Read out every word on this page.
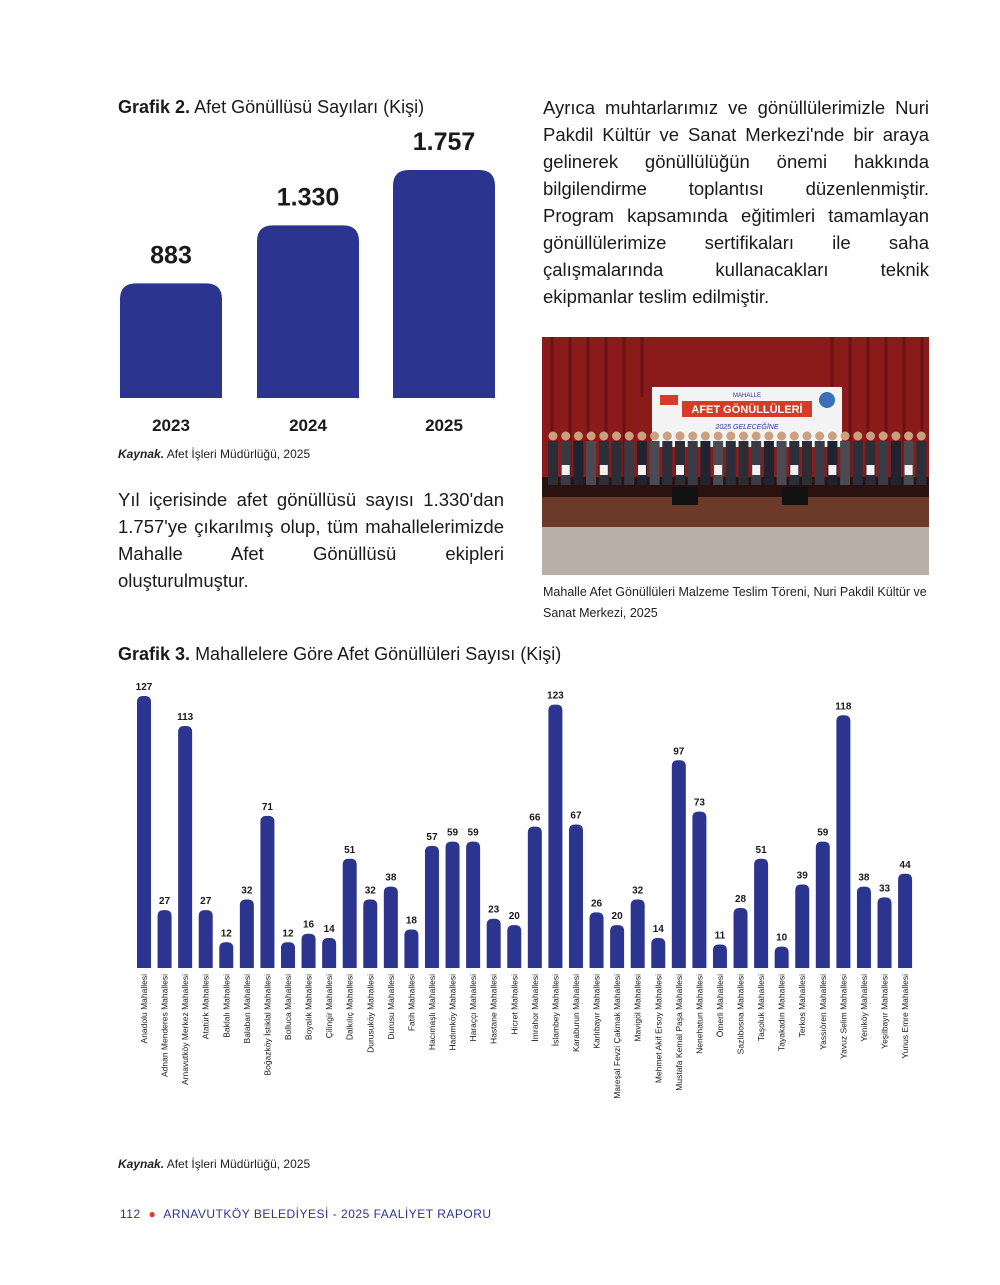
Grafik 2. Afet Gönüllüsü Sayıları (Kişi)
883
2023
1.330
2024
1.757
2025
Kaynak. Afet İşleri Müdürlüğü, 2025
Ayrıca muhtarlarımız ve gönüllülerimizle Nuri Pakdil Kültür ve Sanat Merkezi'nde bir araya gelinerek gönüllülüğün önemi hakkında bilgilendirme toplantısı düzenlenmiştir. Program kapsamında eğitimleri tamamlayan gönüllülerimize sertifikaları ile saha çalışmalarında kullanacakları teknik ekipmanlar teslim edilmiştir.
Yıl içerisinde afet gönüllüsü sayısı 1.330'dan 1.757'ye çıkarılmış olup, tüm mahallelerimizde Mahalle Afet Gönüllüsü ekipleri oluşturulmuştur.
MAHALLE
AFET GÖNÜLLÜLERİ
2025 GELECEĞİNE
Mahalle Afet Gönüllüleri Malzeme Teslim Töreni, Nuri Pakdil Kültür ve Sanat Merkezi, 2025
Grafik 3. Mahallelere Göre Afet Gönüllüleri Sayısı (Kişi)
127
Anadolu Mahallesi
27
Adnan Menderes Mahallesi
113
Arnavutköy Merkez Mahallesi
27
Atatürk Mahallesi
12
Baklalı Mahallesi
32
Balaban Mahallesi
71
Boğazköy İstiklal Mahallesi
12
Bolluca Mahallesi
16
Boyalık Mahallesi
14
Çilingir Mahallesi
51
Dalkılıç Mahallesi
32
Durusuköy Mahallesi
38
Durusu Mahallesi
18
Fatih Mahallesi
57
Hacımaşlı Mahallesi
59
Hadımköy Mahallesi
59
Haraççı Mahallesi
23
Hastane Mahallesi
20
Hicret Mahallesi
66
İmrahor Mahallesi
123
İslambey Mahallesi
67
Karaburun Mahallesi
26
Karlıbayır Mahallesi
20
Mareşal Fevzi Çakmak Mahallesi
32
Mavigöl Mahallesi
14
Mehmet Akif Ersoy Mahallesi
97
Mustafa Kemal Paşa Mahallesi
73
Nenehatun Mahallesi
11
Ömerli Mahallesi
28
Sazlıbosna Mahallesi
51
Taşoluk Mahallesi
10
Tayakadın Mahallesi
39
Terkos Mahallesi
59
Yassıören Mahallesi
118
Yavuz Selim Mahallesi
38
Yeniköy Mahallesi
33
Yeşilbayır Mahallesi
44
Yunus Emre Mahallesi
Kaynak. Afet İşleri Müdürlüğü, 2025
112 ● ARNAVUTKÖY BELEDİYESİ - 2025 FAALİYET RAPORU
